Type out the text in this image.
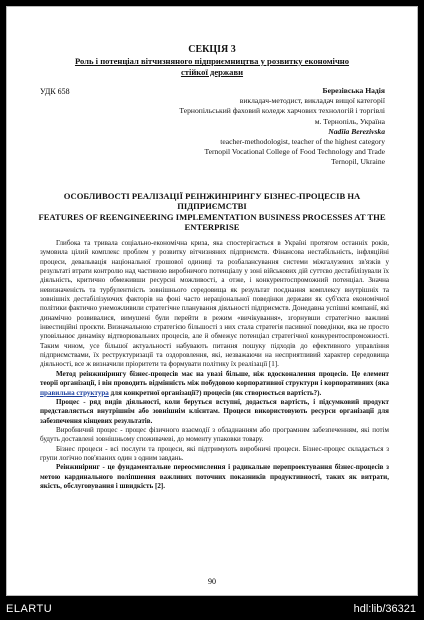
СЕКЦІЯ 3
Роль і потенціал вітчизняного підприємництва у розвитку економічно стійкої держави
УДК 658	Березівська Надія
викладач-методист, викладач вищої категорії
Тернопільський фаховий коледж харчових технологій і торгівлі
м. Тернопіль, Україна
Nadiia Berezivska
teacher-methodologist, teacher of the highest category
Ternopil Vocational College of Food Technology and Trade
Ternopil, Ukraine
ОСОБЛИВОСТІ РЕАЛІЗАЦІЇ РЕІНЖИНІРИНГУ БІЗНЕС-ПРОЦЕСІВ НА ПІДПРИЄМСТВІ
FEATURES OF REENGINEERING IMPLEMENTATION BUSINESS PROCESSES AT THE ENTERPRISE

Глибока та тривала соціально-економічна криза, яка спостерігається в Україні протягом останніх років, зумовила цілий комплекс проблем у розвитку вітчизняних підприємств. Фінансова нестабільність, інфляційні процеси, девальвація національної грошової одиниці та розбалансування системи міжгалузевих зв'язків у результаті втрати контролю над частиною виробничого потенціалу у зоні військових дій суттєво дестабілізували їх діяльність, критично обмеживши ресурсні можливості, а отже, і конкурентоспроможний потенціал. Значна невизначеність та турбулентність зовнішнього середовища як результат поєднання комплексу внутрішніх та зовнішніх дестабілізуючих факторів на фоні часто нераціональної поведінки держави як суб'єкта економічної політики фактично унеможливили стратегічне планування діяльності підприємств. Донедавна успішні компанії, які динамічно розвивалися, вимушені були перейти в режим «вичікування», згорнувши стратегічно важливі інвестиційні проєкти. Визначальною стратегією більшості з них стала стратегія пасивної поведінки, яка не просто уповільнює динаміку відтворювальних процесів, але й обмежує потенціал стратегічної конкурентоспроможності. Таким чином, усе більшої актуальності набувають питання пошуку підходів до ефективного управління підприємствами, їх реструктуризації та оздоровлення, які, незважаючи на несприятливий характер середовища діяльності, все ж визначили пріоритети та формувати політику їх реалізації [1].

Метод реінжинірингу бізнес-процесів має на увазі більше, ніж вдосконалення процесів. Це елемент теорії організації, і він проводить відмінність між побудовою корпоративної структури і корпоративних (яка правильна структура для конкретної організації?) процесів (як створюється вартість?).

Процес - ряд видів діяльності, коли беруться вступні, додається вартість, і підсумковий продукт представляється внутрішнім або зовнішнім клієнтам. Процеси використовують ресурси організації для забезпечення кінцевих результатів.

Виробничий процес - процес фізичного взаємодії з обладнанням або програмним забезпеченням, які потім будуть доставлені зовнішньому споживачеві, до моменту упаковки товару.

Бізнес процеси - всі послуги та процеси, які підтримують виробничі процеси. Бізнес-процес складається з групи логічно пов'язаних один з одним завдань.

Реінжиніринг - це фундаментальне переосмислення і радикальне перепроектування бізнес-процесів з метою кардинального поліпшення важливих поточних показників продуктивності, таких як витрати, якість, обслуговування і швидкість [2].

90
ELARTU	hdl:lib/36321
